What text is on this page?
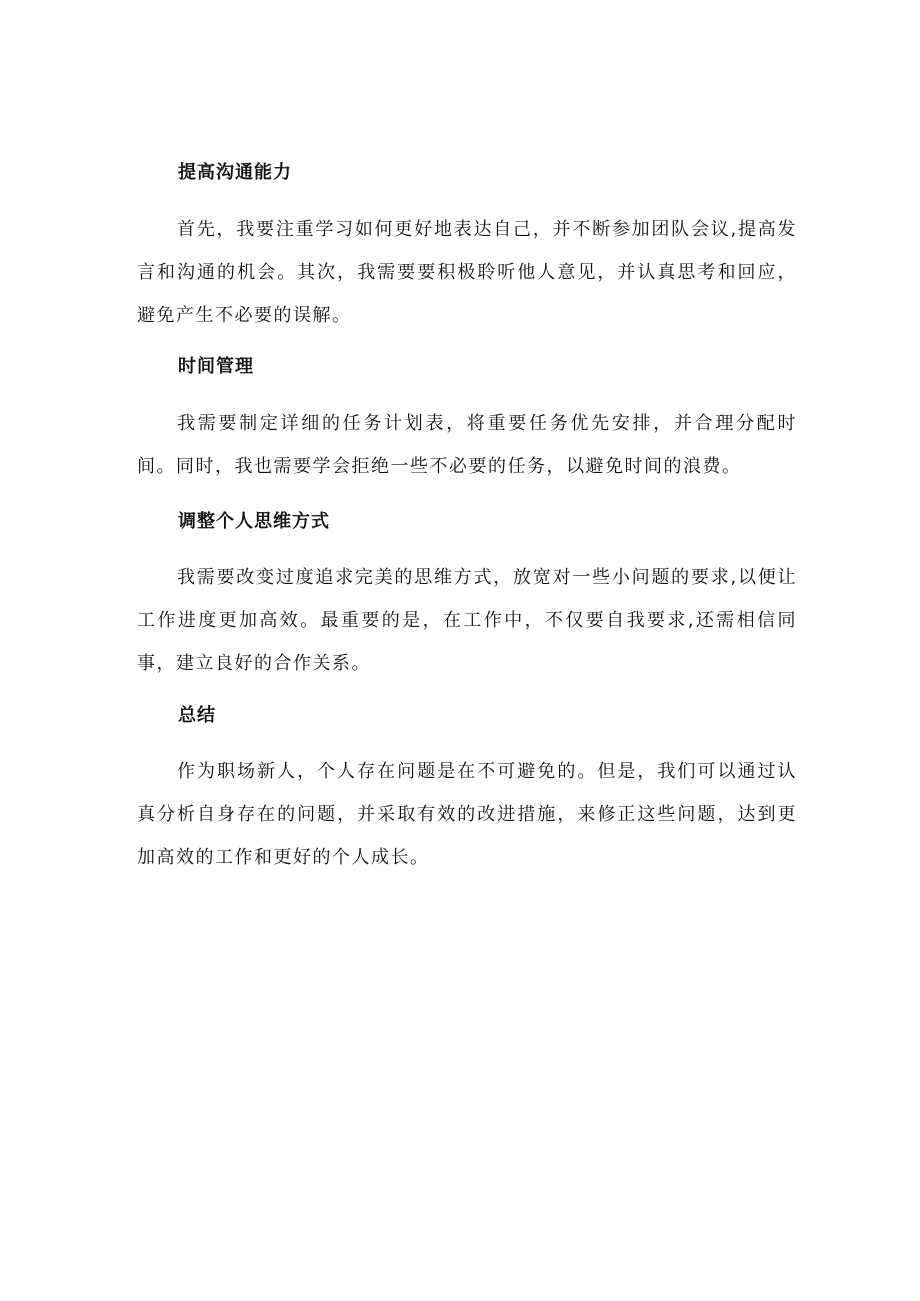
提高沟通能力
首先，我要注重学习如何更好地表达自己，并不断参加团队会议,提高发言和沟通的机会。其次，我需要要积极聆听他人意见，并认真思考和回应，避免产生不必要的误解。
时间管理
我需要制定详细的任务计划表，将重要任务优先安排，并合理分配时间。同时，我也需要学会拒绝一些不必要的任务，以避免时间的浪费。
调整个人思维方式
我需要改变过度追求完美的思维方式，放宽对一些小问题的要求,以便让工作进度更加高效。最重要的是，在工作中，不仅要自我要求,还需相信同事，建立良好的合作关系。
总结
作为职场新人，个人存在问题是在不可避免的。但是，我们可以通过认真分析自身存在的问题，并采取有效的改进措施，来修正这些问题，达到更加高效的工作和更好的个人成长。
